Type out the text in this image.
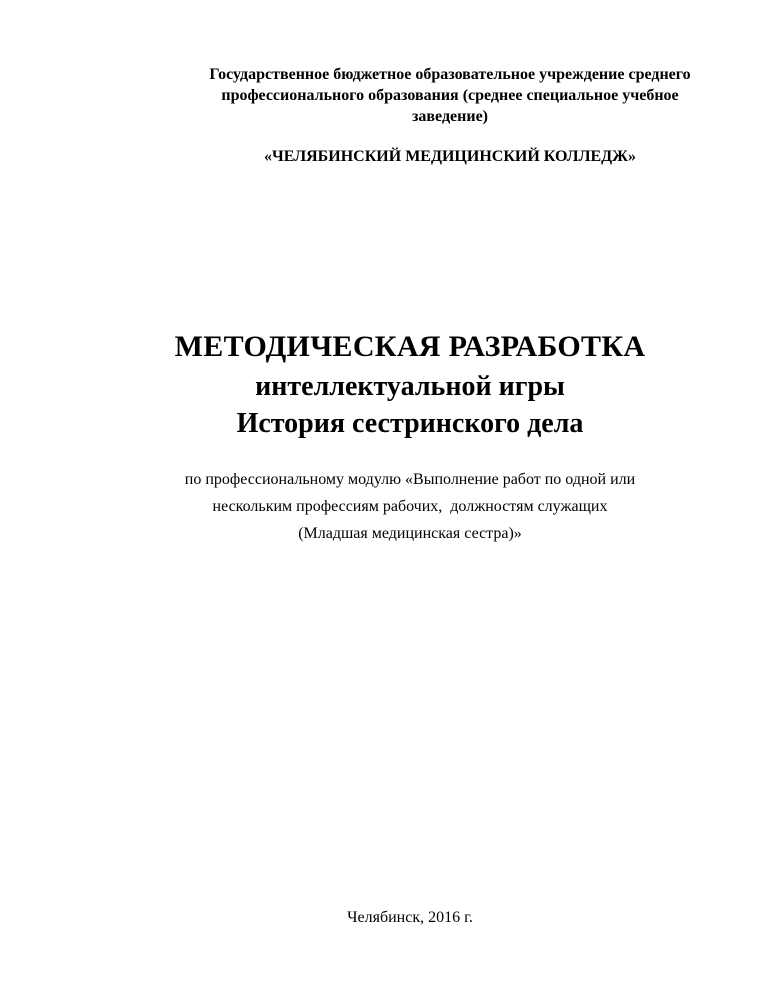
Государственное бюджетное образовательное учреждение среднего
профессионального образования (среднее специальное учебное
заведение)
«ЧЕЛЯБИНСКИЙ МЕДИЦИНСКИЙ КОЛЛЕДЖ»
МЕТОДИЧЕСКАЯ РАЗРАБОТКА
интеллектуальной игры
История сестринского дела
по профессиональному модулю «Выполнение работ по одной или
нескольким профессиям рабочих,  должностям служащих
(Младшая медицинская сестра)»
Челябинск, 2016 г.
